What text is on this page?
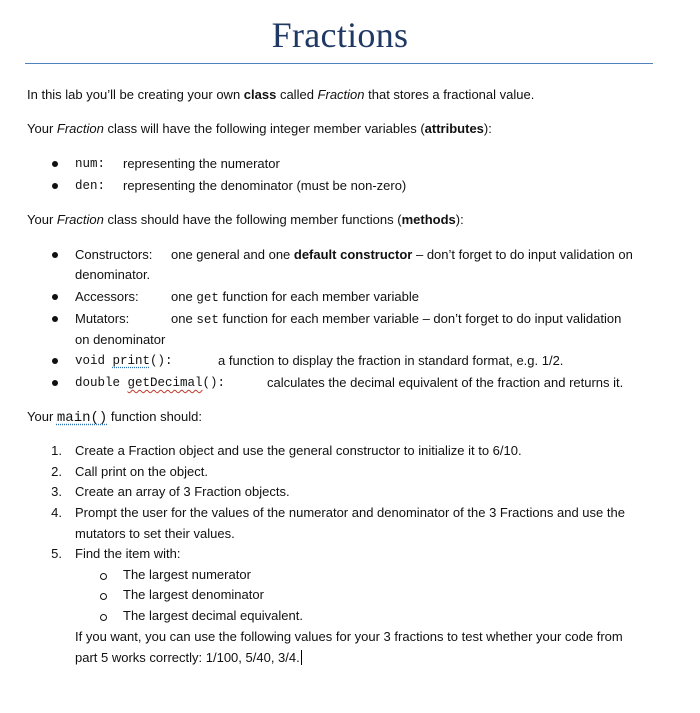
Fractions
In this lab you’ll be creating your own class called Fraction that stores a fractional value.
Your Fraction class will have the following integer member variables (attributes):
num: representing the numerator
den: representing the denominator (must be non-zero)
Your Fraction class should have the following member functions (methods):
Constructors: one general and one default constructor – don’t forget to do input validation on
denominator.
Accessors: one get function for each member variable
Mutators:	one set function for each member variable – don’t forget to do input validation
on denominator
void print():	a function to display the fraction in standard format, e.g. 1/2.
double getDecimal():	calculates the decimal equivalent of the fraction and returns it.
Your main() function should:
1. Create a Fraction object and use the general constructor to initialize it to 6/10.
2. Call print on the object.
3. Create an array of 3 Fraction objects.
4. Prompt the user for the values of the numerator and denominator of the 3 Fractions and use the
mutators to set their values.
5. Find the item with:
The largest numerator
The largest denominator
The largest decimal equivalent.
If you want, you can use the following values for your 3 fractions to test whether your code from
part 5 works correctly: 1/100, 5/40, 3/4.
